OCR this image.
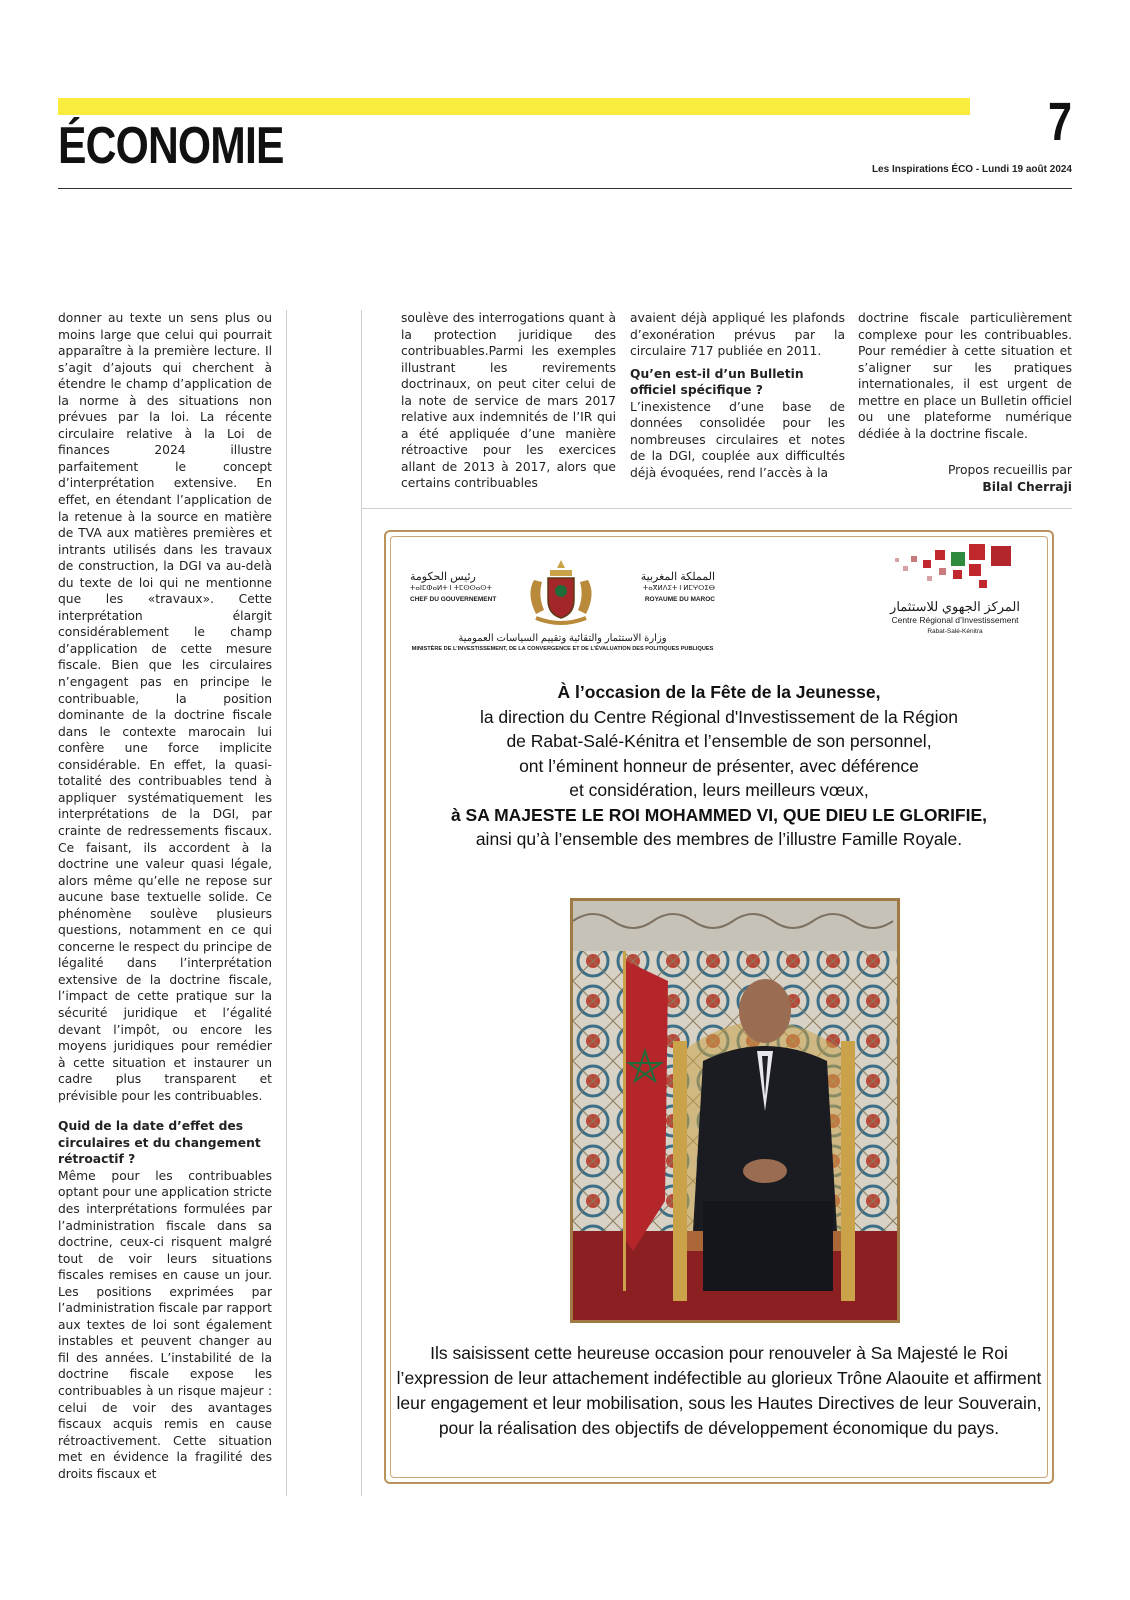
ÉCONOMIE	7
Les Inspirations ÉCO - Lundi 19 août 2024

donner au texte un sens plus ou moins large que celui qui pourrait apparaître à la première lecture. Il s’agit d’ajouts qui cherchent à étendre le champ d’application de la norme à des situations non prévues par la loi. La récente circulaire relative à la Loi de finances 2024 illustre parfaitement le concept d’interprétation extensive. En effet, en étendant l’application de la retenue à la source en matière de TVA aux matières premières et intrants utilisés dans les travaux de construction, la DGI va au-delà du texte de loi qui ne mentionne que les «travaux». Cette interprétation élargit considérablement le champ d’application de cette mesure fiscale. Bien que les circulaires n’engagent pas en principe le contribuable, la position dominante de la doctrine fiscale dans le contexte marocain lui confère une force implicite considérable. En effet, la quasi-totalité des contribuables tend à appliquer systématiquement les interprétations de la DGI, par crainte de redressements fiscaux. Ce faisant, ils accordent à la doctrine une valeur quasi légale, alors même qu’elle ne repose sur aucune base textuelle solide. Ce phénomène soulève plusieurs questions, notamment en ce qui concerne le respect du principe de légalité dans l’interprétation extensive de la doctrine fiscale, l’impact de cette pratique sur la sécurité juridique et l’égalité devant l’impôt, ou encore les moyens juridiques pour remédier à cette situation et instaurer un cadre plus transparent et prévisible pour les contribuables.

Quid de la date d’effet des circulaires et du changement rétroactif ?

Même pour les contribuables optant pour une application stricte des interprétations formulées par l’administration fiscale dans sa doctrine, ceux-ci risquent malgré tout de voir leurs situations fiscales remises en cause un jour. Les positions exprimées par l’administration fiscale par rapport aux textes de loi sont également instables et peuvent changer au fil des années. L’instabilité de la doctrine fiscale expose les contribuables à un risque majeur : celui de voir des avantages fiscaux acquis remis en cause rétroactivement. Cette situation met en évidence la fragilité des droits fiscaux et

soulève des interrogations quant à la protection juridique des contribuables.Parmi les exemples illustrant les revirements doctrinaux, on peut citer celui de la note de service de mars 2017 relative aux indemnités de l’IR qui a été appliquée d’une manière rétroactive pour les exercices allant de 2013 à 2017, alors que certains contribuables

avaient déjà appliqué les plafonds d’exonération prévus par la circulaire 717 publiée en 2011.

Qu’en est-il d’un Bulletin officiel spécifique ?

L’inexistence d’une base de données consolidée pour les nombreuses circulaires et notes de la DGI, couplée aux difficultés déjà évoquées, rend l’accès à la

doctrine fiscale particulièrement complexe pour les contribuables. Pour remédier à cette situation et s’aligner sur les pratiques internationales, il est urgent de mettre en place un Bulletin officiel ou une plateforme numérique dédiée à la doctrine fiscale.

Propos recueillis par
Bilal Cherraji
رئيس الحكومة
ⵜⴰⵏⵎⵀⴰⵍⵜ ⵏ ⵜⵎⵙⵙⴰⵙⵜ
CHEF DU GOUVERNEMENT
المملكة المغربية
ⵜⴰⴳⵍⴷⵉⵜ ⵏ ⵍⵎⵖⵔⵉⴱ
ROYAUME DU MAROC
وزارة الاستثمار والتقائية وتقييم السياسات العمومية
MINISTÈRE DE L’INVESTISSEMENT, DE LA CONVERGENCE ET DE L’ÉVALUATION DES POLITIQUES PUBLIQUES
المركز الجهوي للاستثمار
Centre Régional d’Investissement
Rabat-Salé-Kénitra
À l’occasion de la Fête de la Jeunesse,
la direction du Centre Régional d'Investissement de la Région
de Rabat-Salé-Kénitra et l’ensemble de son personnel,
ont l’éminent honneur de présenter, avec déférence
et considération, leurs meilleurs vœux,
à SA MAJESTE LE ROI MOHAMMED VI, QUE DIEU LE GLORIFIE,
ainsi qu’à l’ensemble des membres de l’illustre Famille Royale.
Ils saisissent cette heureuse occasion pour renouveler à Sa Majesté le Roi l’expression de leur attachement indéfectible au glorieux Trône Alaouite et affirment leur engagement et leur mobilisation, sous les Hautes Directives de leur Souverain, pour la réalisation des objectifs de développement économique du pays.
